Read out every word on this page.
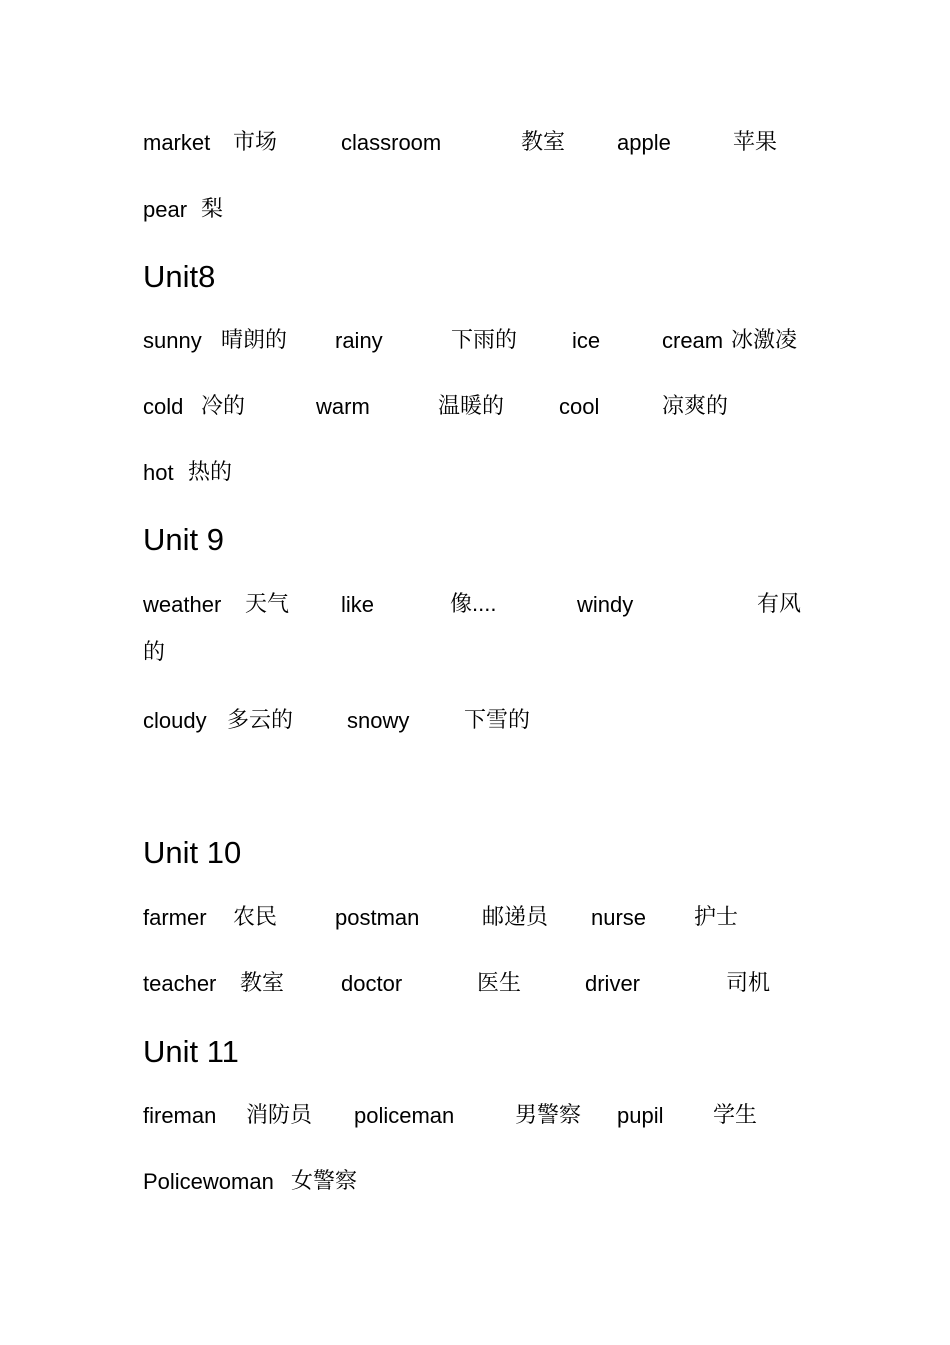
market 市场	classroom	教室 apple	苹果
pear 梨
Unit8
sunny 晴朗的 rainy	下雨的 ice	cream 冰激凌
cold 冷的	warm	温暖的 cool	凉爽的
hot 热的
Unit 9
weather 天气 like	像....	windy	有风
的
cloudy 多云的 snowy 下雪的
Unit 10
farmer 农民	postman	邮递员 nurse 护士
teacher 教室	doctor	医生	driver	司机
Unit 11
fireman 消防员 policeman	男警察 pupil 学生
Policewoman 女警察
